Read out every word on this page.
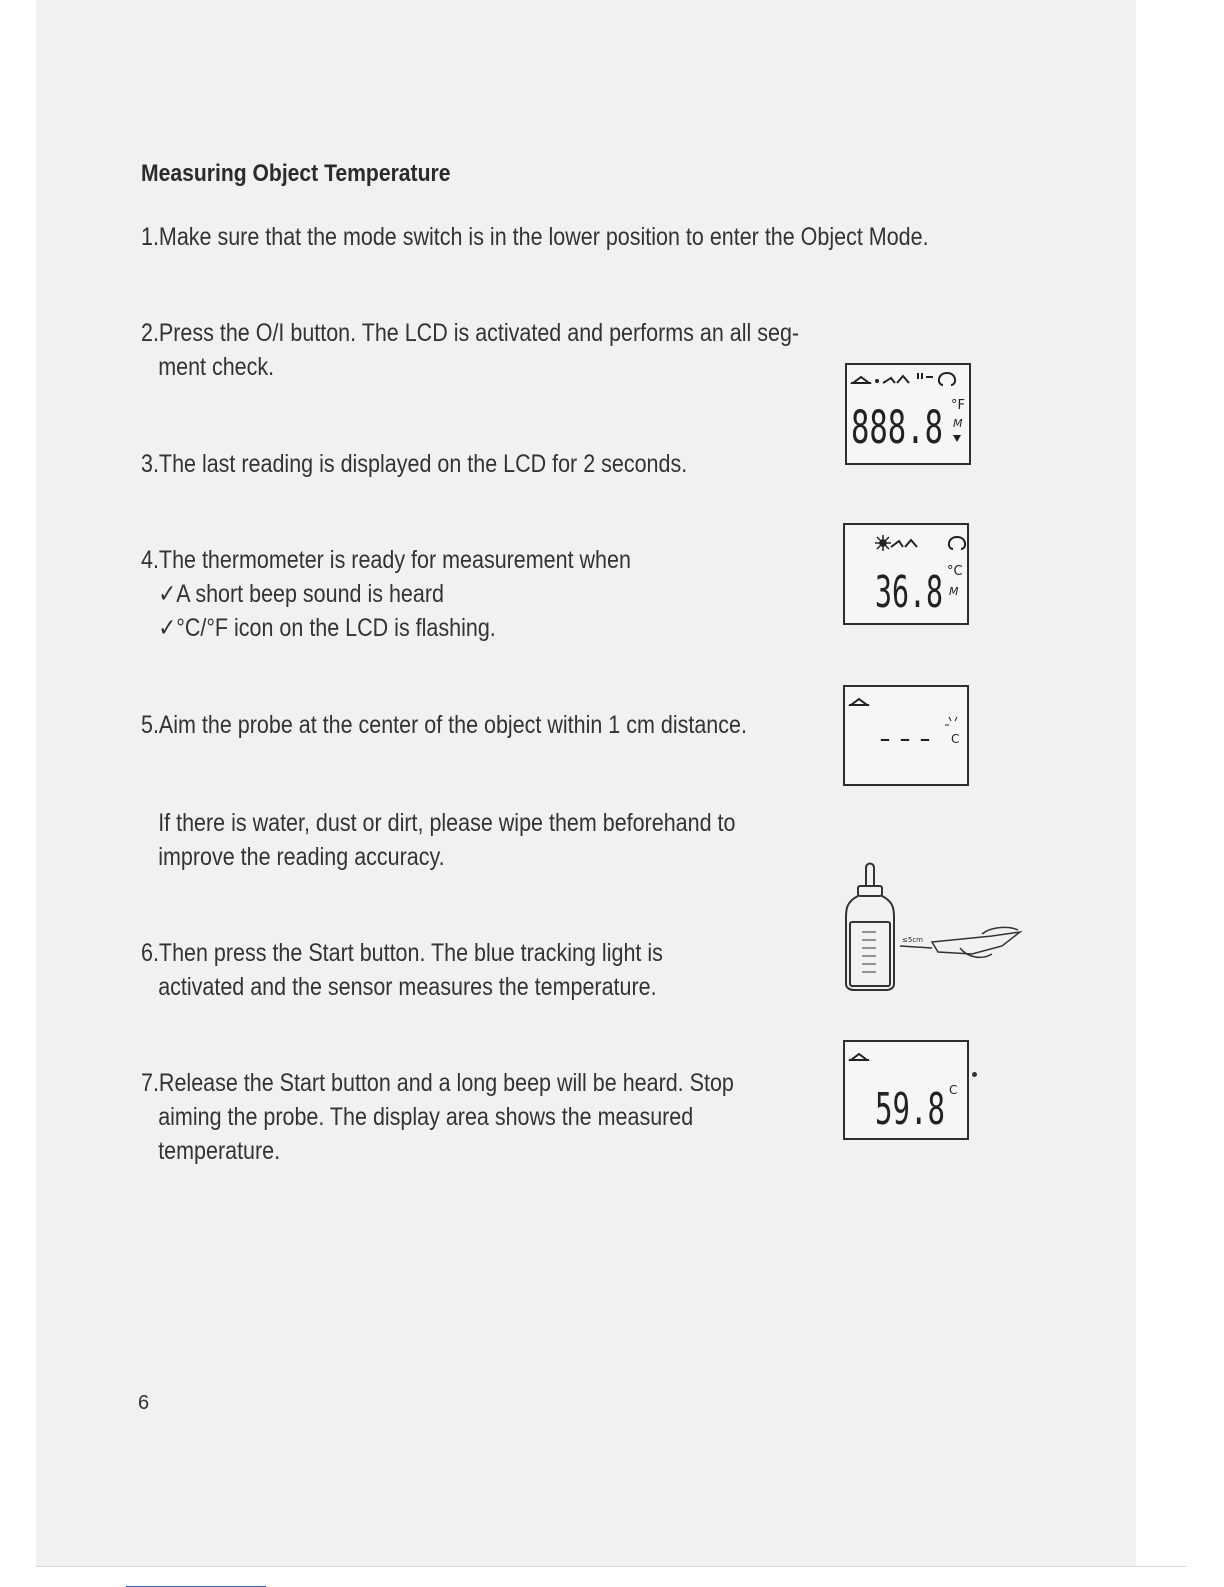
Measuring Object Temperature
1.Make sure that the mode switch is in the lower position to enter the Object Mode.
2.Press the O/I button. The LCD is activated and performs an all seg-
ment check.
3.The last reading is displayed on the LCD for 2 seconds.
4.The thermometer is ready for measurement when
✓A short beep sound is heard
✓°C/°F icon on the LCD is flashing.
5.Aim the probe at the center of the object within 1 cm distance.
If there is water, dust or dirt, please wipe them beforehand to
improve the reading accuracy.
6.Then press the Start button. The blue tracking light is
activated and the sensor measures the temperature.
7.Release the Start button and a long beep will be heard. Stop
aiming the probe. The display area shows the measured
temperature.
6
888.8 °F
M
36.8 °C
M
--- C
≤5cm
59.8 C
